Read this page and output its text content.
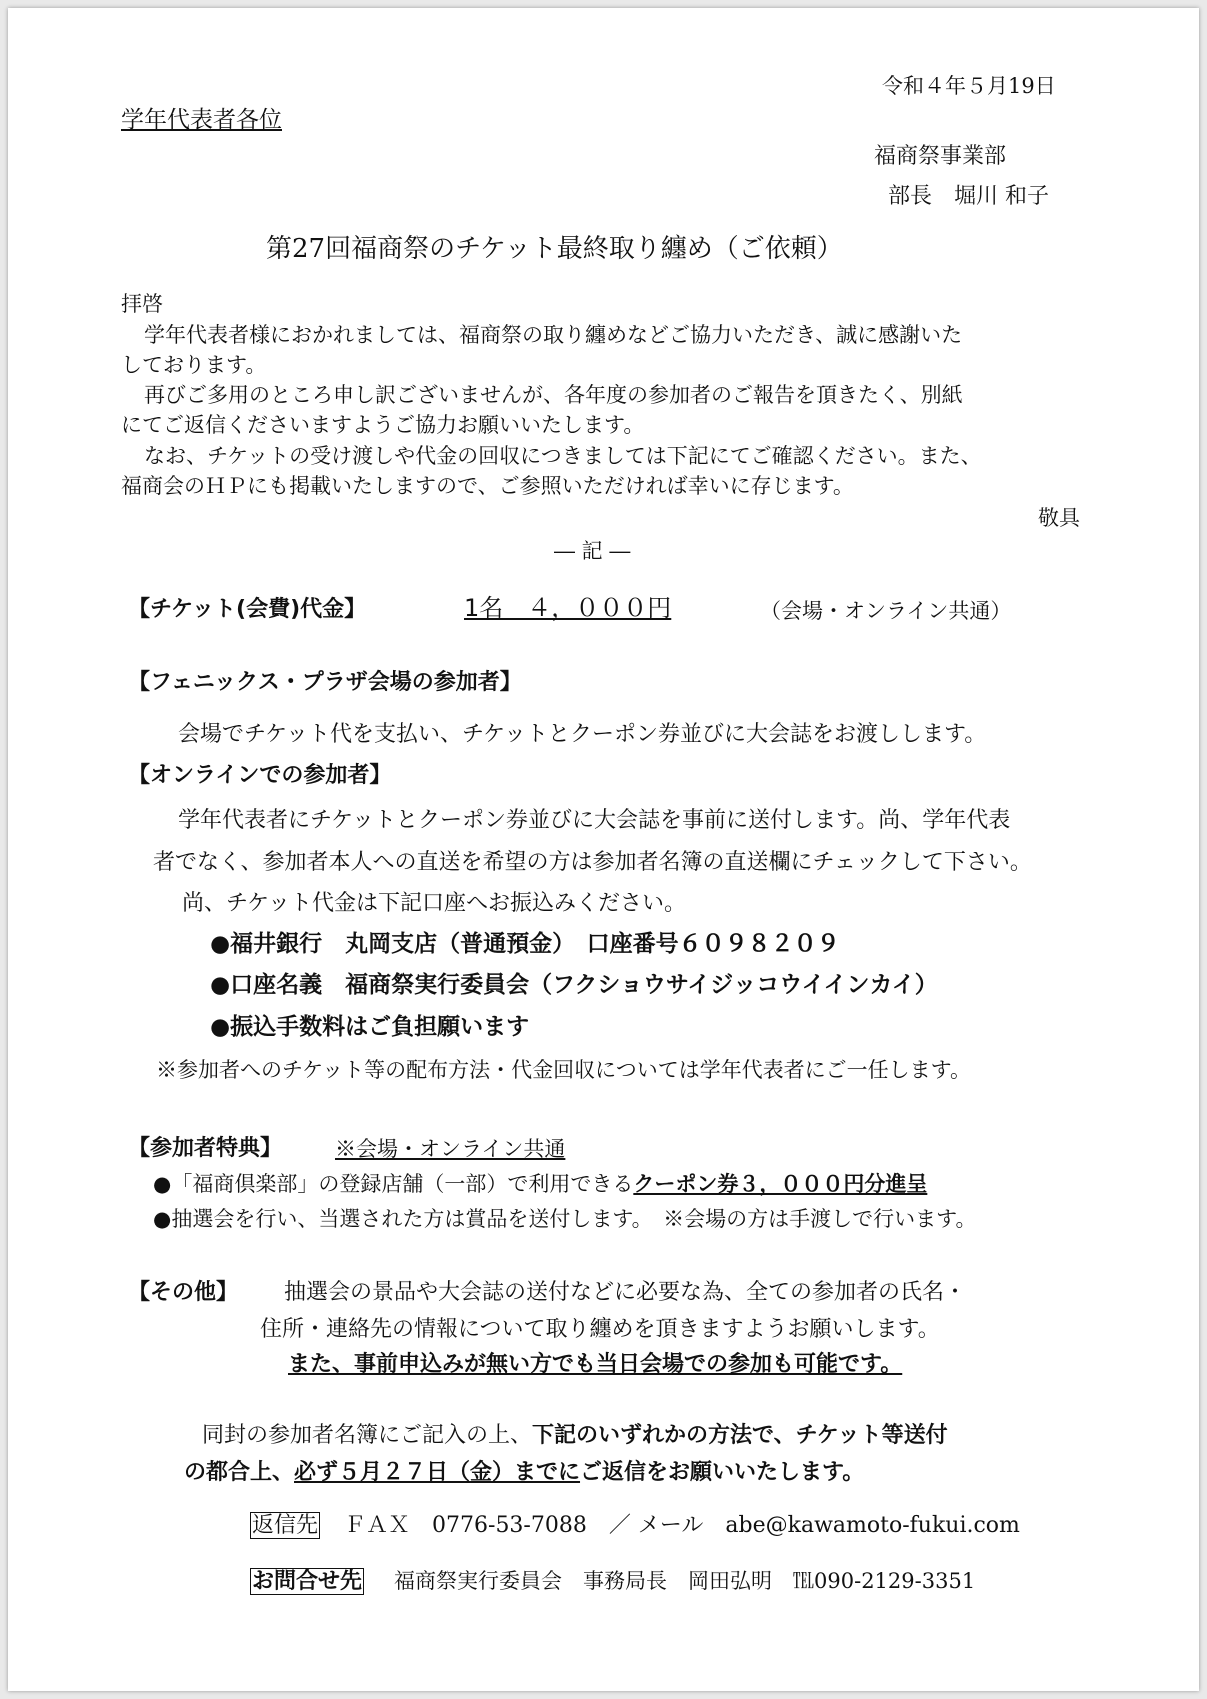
令和４年５月19日
学年代表者各位
福商祭事業部
部長　堀川 和子
第27回福商祭のチケット最終取り纏め（ご依頼）
拝啓
学年代表者様におかれましては、福商祭の取り纏めなどご協力いただき、誠に感謝いた
しております。
再びご多用のところ申し訳ございませんが、各年度の参加者のご報告を頂きたく、別紙
にてご返信くださいますようご協力お願いいたします。
なお、チケットの受け渡しや代金の回収につきましては下記にてご確認ください。また、
福商会のＨＰにも掲載いたしますので、ご参照いただければ幸いに存じます。
敬具
― 記 ―
【チケット(会費)代金】	1名　４，０００円	（会場・オンライン共通）
【フェニックス・プラザ会場の参加者】
会場でチケット代を支払い、チケットとクーポン券並びに大会誌をお渡しします。
【オンラインでの参加者】
学年代表者にチケットとクーポン券並びに大会誌を事前に送付します。尚、学年代表
者でなく、参加者本人への直送を希望の方は参加者名簿の直送欄にチェックして下さい。
尚、チケット代金は下記口座へお振込みください。
●福井銀行　丸岡支店（普通預金）　口座番号６０９８２０９
●口座名義　福商祭実行委員会（フクショウサイジッコウイインカイ）
●振込手数料はご負担願います
※参加者へのチケット等の配布方法・代金回収については学年代表者にご一任します。
【参加者特典】	※会場・オンライン共通
●「福商倶楽部」の登録店舗（一部）で利用できるクーポン券３，０００円分進呈
●抽選会を行い、当選された方は賞品を送付します。　※会場の方は手渡しで行います。
【その他】 抽選会の景品や大会誌の送付などに必要な為、全ての参加者の氏名・
住所・連絡先の情報について取り纏めを頂きますようお願いします。
また、事前申込みが無い方でも当日会場での参加も可能です。
同封の参加者名簿にご記入の上、下記のいずれかの方法で、チケット等送付
の都合上、必ず５月２７日（金）までにご返信をお願いいたします。
返信先 ＦＡＸ　0776-53-7088　／ メール　abe@kawamoto-fukui.com
お問合せ先 福商祭実行委員会　事務局長　岡田弘明　℡090-2129-3351
